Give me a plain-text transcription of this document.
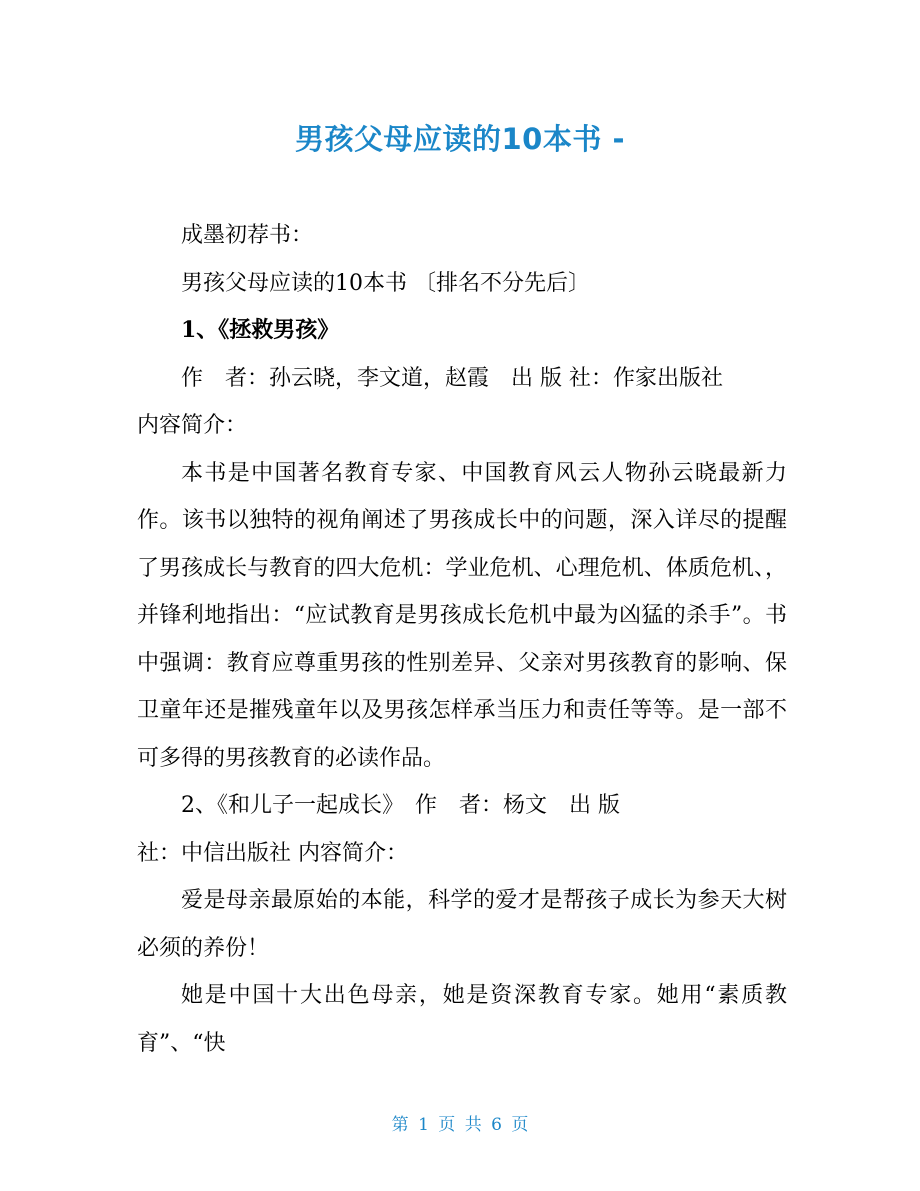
男孩父母应读的10本书 -

成墨初荐书：

男孩父母应读的10本书 〔排名不分先后〕

1、《拯救男孩》

作　者：孙云晓，李文道，赵霞　出 版 社：作家出版社

内容简介：

本书是中国著名教育专家、中国教育风云人物孙云晓最新力作。该书以独特的视角阐述了男孩成长中的问题，深入详尽的提醒了男孩成长与教育的四大危机：学业危机、心理危机、体质危机、，并锋利地指出：“应试教育是男孩成长危机中最为凶猛的杀手”。书中强调：教育应尊重男孩的性别差异、父亲对男孩教育的影响、保卫童年还是摧残童年以及男孩怎样承当压力和责任等等。是一部不可多得的男孩教育的必读作品。

2、《和儿子一起成长》　作　者：杨文　出 版

社：中信出版社 内容简介：

爱是母亲最原始的本能，科学的爱才是帮孩子成长为参天大树必须的养份！

她是中国十大出色母亲，她是资深教育专家。她用“素质教育”、“快

第 1 页 共 6 页
